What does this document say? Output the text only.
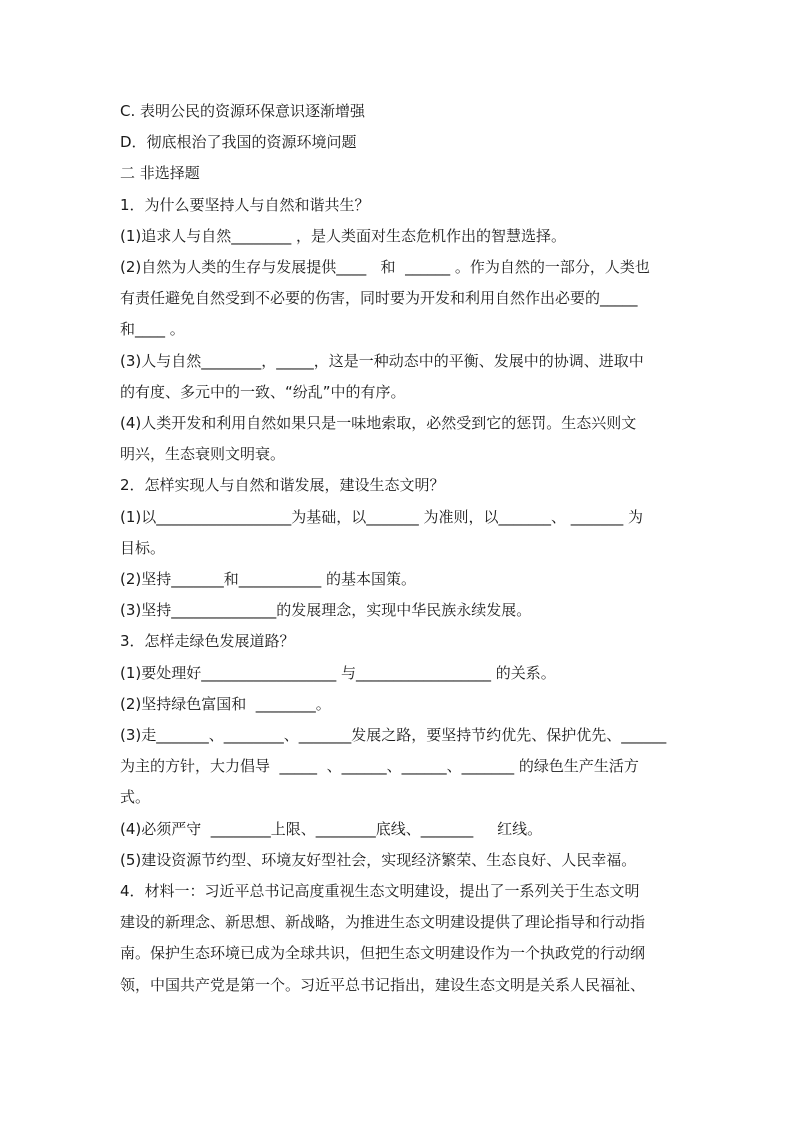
C. 表明公民的资源环保意识逐渐增强
D．彻底根治了我国的资源环境问题
二 非选择题
1．为什么要坚持人与自然和谐共生？
(1)追求人与自然________ ，是人类面对生态危机作出的智慧选择。
(2)自然为人类的生存与发展提供____   和  ______ 。作为自然的一部分，人类也
有责任避免自然受到不必要的伤害，同时要为开发和利用自然作出必要的_____
和____ 。
(3)人与自然________，_____，这是一种动态中的平衡、发展中的协调、进取中
的有度、多元中的一致、“纷乱”中的有序。
(4)人类开发和利用自然如果只是一味地索取，必然受到它的惩罚。生态兴则文
明兴，生态衰则文明衰。
2．怎样实现人与自然和谐发展，建设生态文明？
(1)以__________________为基础，以_______ 为准则，以_______、 _______ 为
目标。
(2)坚持_______和___________ 的基本国策。
(3)坚持______________的发展理念，实现中华民族永续发展。
3．怎样走绿色发展道路？
(1)要处理好__________________ 与__________________ 的关系。
(2)坚持绿色富国和  ________。
(3)走_______、________、_______发展之路，要坚持节约优先、保护优先、______
为主的方针，大力倡导  _____  、______、______、_______ 的绿色生产生活方
式。
(4)必须严守  ________上限、________底线、_______     红线。
(5)建设资源节约型、环境友好型社会，实现经济繁荣、生态良好、人民幸福。
4．材料一：习近平总书记高度重视生态文明建设，提出了一系列关于生态文明
建设的新理念、新思想、新战略，为推进生态文明建设提供了理论指导和行动指
南。保护生态环境已成为全球共识，但把生态文明建设作为一个执政党的行动纲
领，中国共产党是第一个。习近平总书记指出，建设生态文明是关系人民福祉、
